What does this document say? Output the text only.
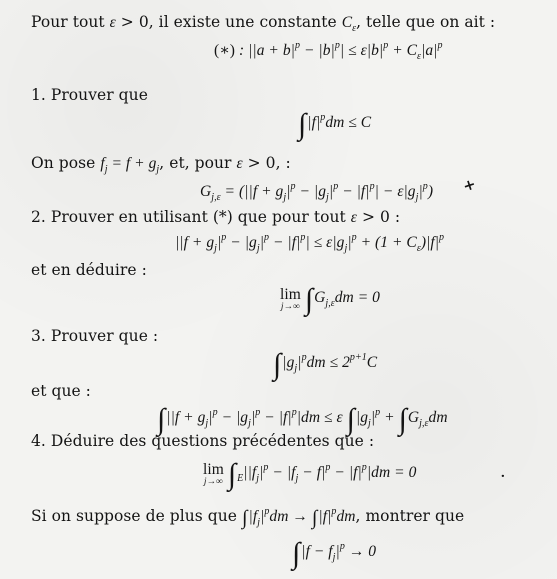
Pour tout ε > 0, il existe une constante $C_\varepsilon$, telle que on ait :
(∗) : $||a + b|^p - |b|^p| \le \varepsilon|b|^p + C_\varepsilon|a|^p$
1. Prouver que
$\int|f|^pdm \le C$
On pose $f_j = f + g_j$, et, pour ε > 0, :
$G_{j,\varepsilon} = (||f + g_j|^p - |g_j|^p - |f|^p| - \varepsilon|g_j|^p)$ +
2. Prouver en utilisant (*) que pour tout ε > 0 :
$||f + g_j|^p - |g_j|^p - |f|^p| \le \varepsilon|g_j|^p + (1 + C_\varepsilon)|f|^p$
et en déduire :
lim
j→∞ $\int G_{j,\varepsilon}dm = 0$
3. Prouver que :
$\int|g_j|^pdm \le 2^{p+1}C$
et que :
$\int||f + g_j|^p - |g_j|^p - |f|^p|dm \le \varepsilon$ $\int|g_j|^p + \int G_{j,\varepsilon}dm$
4. Déduire des questions précédentes que :
lim
j→∞ $\int_E||f_j|^p - |f_j - f|^p - |f|^p|dm = 0$	·
Si on suppose de plus que $\int|f_j|^pdm \to \int|f|^pdm$, montrer que
$\int|f - f_j|^p \to 0$
